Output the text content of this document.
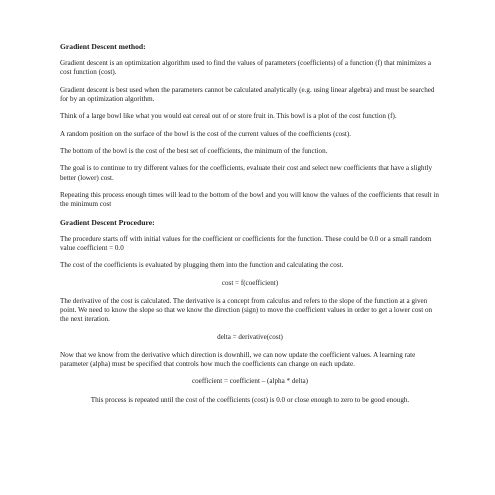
Gradient Descent method:

Gradient descent is an optimization algorithm used to find the values of parameters (coefficients) of a function (f) that minimizes a cost function (cost).

Gradient descent is best used when the parameters cannot be calculated analytically (e.g. using linear algebra) and must be searched for by an optimization algorithm.

Think of a large bowl like what you would eat cereal out of or store fruit in. This bowl is a plot of the cost function (f).

A random position on the surface of the bowl is the cost of the current values of the coefficients (cost).

The bottom of the bowl is the cost of the best set of coefficients, the minimum of the function.

The goal is to continue to try different values for the coefficients, evaluate their cost and select new coefficients that have a slightly better (lower) cost.

Repeating this process enough times will lead to the bottom of the bowl and you will know the values of the coefficients that result in the minimum cost

Gradient Descent Procedure:

The procedure starts off with initial values for the coefficient or coefficients for the function. These could be 0.0 or a small random value coefficient = 0.0

The cost of the coefficients is evaluated by plugging them into the function and calculating the cost.

cost = f(coefficient)

The derivative of the cost is calculated. The derivative is a concept from calculus and refers to the slope of the function at a given point. We need to know the slope so that we know the direction (sign) to move the coefficient values in order to get a lower cost on the next iteration.

delta = derivative(cost)

Now that we know from the derivative which direction is downhill, we can now update the coefficient values. A learning rate parameter (alpha) must be specified that controls how much the coefficients can change on each update.

coefficient = coefficient – (alpha * delta)

This process is repeated until the cost of the coefficients (cost) is 0.0 or close enough to zero to be good enough.
